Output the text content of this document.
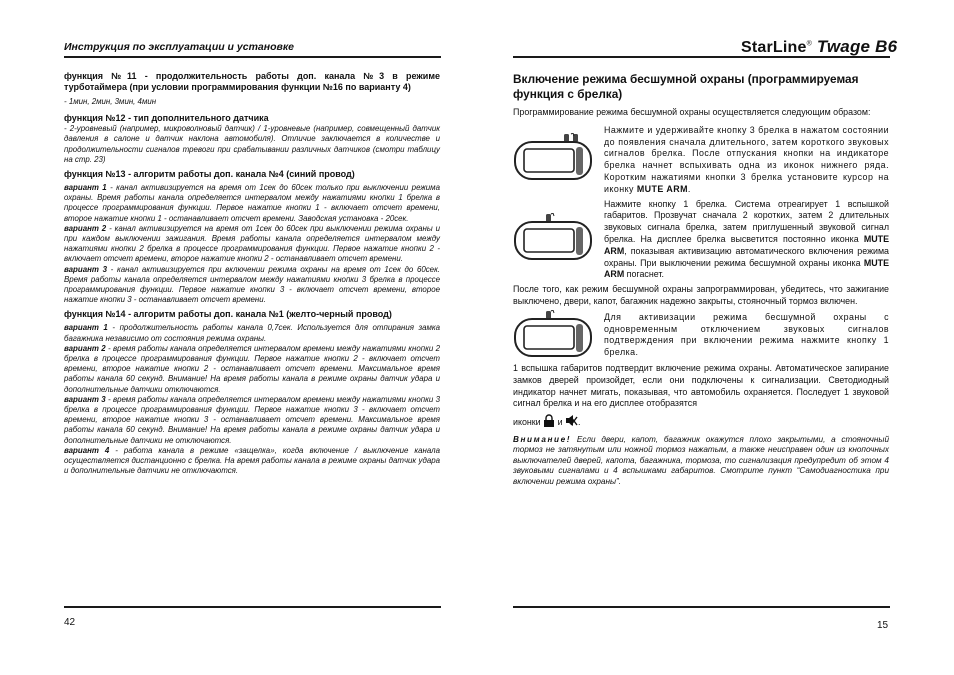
Инструкция по эксплуатации и установке	StarLine® Twage B6

функция №11 - продолжительность работы доп. канала №3 в режиме турботаймера (при условии программирования функции №16 по варианту 4)

- 1мин, 2мин, 3мин, 4мин

функция №12 - тип дополнительного датчика

- 2-уровневый (например, микроволновый датчик) / 1-уровневые (например, совмещенный датчик давления в салоне и датчик наклона автомобиля). Отличие заключается в количестве и продолжительности сигналов тревоги при срабатывании различных датчиков (смотри таблицу на стр. 23)

функция №13 - алгоритм работы доп. канала №4 (синий провод)

вариант 1 - канал активизируется на время от 1сек до 60сек только при выключении режима охраны. Время работы канала определяется интервалом между нажатиями кнопки 1 брелка в процессе программирования функции. Первое нажатие кнопки 1 - включает отсчет времени, второе нажатие кнопки 1 - останавливает отсчет времени. Заводская установка - 20сек.

вариант 2 - канал активизируется на время от 1сек до 60сек при выключении режима охраны и при каждом выключении зажигания. Время работы канала определяется интервалом между нажатиями кнопки 2 брелка в процессе программирования функции. Первое нажатие кнопки 2 - включает отсчет времени, второе нажатие кнопки 2 - останавливает отсчет времени.

вариант 3 - канал активизируется при включении режима охраны на время от 1сек до 60сек. Время работы канала определяется интервалом между нажатиями кнопки 3 брелка в процессе программирования функции. Первое нажатие кнопки 3 - включает отсчет времени, второе нажатие кнопки 3 - останавливает отсчет времени.

функция №14 - алгоритм работы доп. канала №1 (желто-черный провод)

вариант 1 - продолжительность работы канала 0,7сек. Используется для отпирания замка багажника независимо от состояния режима охраны.

вариант 2 - время работы канала определяется интервалом времени между нажатиями кнопки 2 брелка в процессе программирования функции. Первое нажатие кнопки 2 - включает отсчет времени, второе нажатие кнопки 2 - останавливает отсчет времени. Максимальное время работы канала 60 секунд. Внимание! На время работы канала в режиме охраны датчик удара и дополнительные датчики отключаются.

вариант 3 - время работы канала определяется интервалом времени между нажатиями кнопки 3 брелка в процессе программирования функции. Первое нажатие кнопки 3 - включает отсчет времени, второе нажатие кнопки 3 - останавливает отсчет времени. Максимальное время работы канала 60 секунд. Внимание! На время работы канала в режиме охраны датчик удара и дополнительные датчики не отключаются.

вариант 4 - работа канала в режиме «защелка», когда включение / выключение канала осуществляется дистанционно с брелка. На время работы канала в режиме охраны датчик удара и дополнительные датчики не отключаются.

Включение режима бесшумной охраны (программируемая функция с брелка)

Программирование режима бесшумной охраны осуществляется следующим образом:

Нажмите и удерживайте кнопку 3 брелка в нажатом состоянии до появления сначала длительного, затем короткого звуковых сигналов брелка. После отпускания кнопки на индикаторе брелка начнет вспыхивать одна из иконок нижнего ряда. Коротким нажатиями кнопки 3 брелка установите курсор на иконку MUTE ARM.

Нажмите кнопку 1 брелка. Система отреагирует 1 вспышкой габаритов. Прозвучат сначала 2 коротких, затем 2 длительных звуковых сигнала брелка, затем приглушенный звуковой сигнал брелка. На дисплее брелка высветится постоянно иконка MUTE ARM, показывая активизацию автоматического включения режима охраны. При выключении режима бесшумной охраны иконка MUTE ARM погаснет.

После того, как режим бесшумной охраны запрограммирован, убедитесь, что зажигание выключено, двери, капот, багажник надежно закрыты, стояночный тормоз включен.

Для активизации режима бесшумной охраны с одновременным отключением звуковых сигналов подтверждения при включении режима нажмите кнопку 1 брелка.

1 вспышка габаритов подтвердит включение режима охраны. Автоматическое запирание замков дверей произойдет, если они подключены к сигнализации. Светодиодный индикатор начнет мигать, показывая, что автомобиль охраняется. Последует 1 звуковой сигнал брелка и на его дисплее отобразятся

иконки и .

Внимание! Если двери, капот, багажник окажутся плохо закрытыми, а стояночный тормоз не затянутым или ножной тормоз нажатым, а также неисправен один из кнопочных выключателей дверей, капота, багажника, тормоза, то сигнализация предупредит об этом 4 звуковыми сигналами и 4 вспышками габаритов. Смотрите пункт “Самодиагностика при включении режима охраны”.

42	15
